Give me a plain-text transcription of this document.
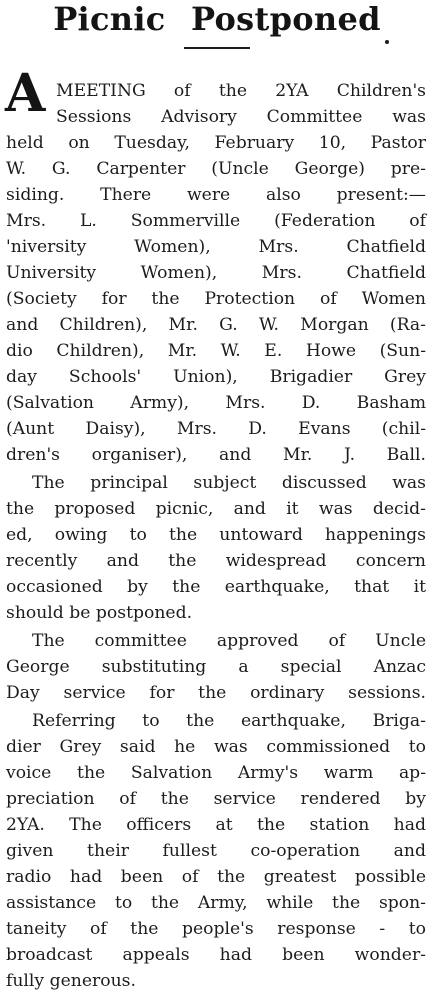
Picnic Postponed
A MEETING of the 2YA Children's
Sessions Advisory Committee was
held on Tuesday, February 10, Pastor
W. G. Carpenter (Uncle George) pre-
siding. There were also present:—
Mrs. L. Sommerville (Federation of
'niversity Women), Mrs. Chatfield
University Women), Mrs. Chatfield
(Society for the Protection of Women
and Children), Mr. G. W. Morgan (Ra-
dio Children), Mr. W. E. Howe (Sun-
day Schools' Union), Brigadier Grey
(Salvation Army), Mrs. D. Basham
(Aunt Daisy), Mrs. D. Evans (chil-
dren's organiser), and Mr. J. Ball.
The principal subject discussed was
the proposed picnic, and it was decid-
ed, owing to the untoward happenings
recently and the widespread concern
occasioned by the earthquake, that it
should be postponed.
The committee approved of Uncle
George substituting a special Anzac
Day service for the ordinary sessions.
Referring to the earthquake, Briga-
dier Grey said he was commissioned to
voice the Salvation Army's warm ap-
preciation of the service rendered by
2YA. The officers at the station had
given their fullest co-operation and
radio had been of the greatest possible
assistance to the Army, while the spon-
taneity of the people's response - to
broadcast appeals had been wonder-
fully generous.
